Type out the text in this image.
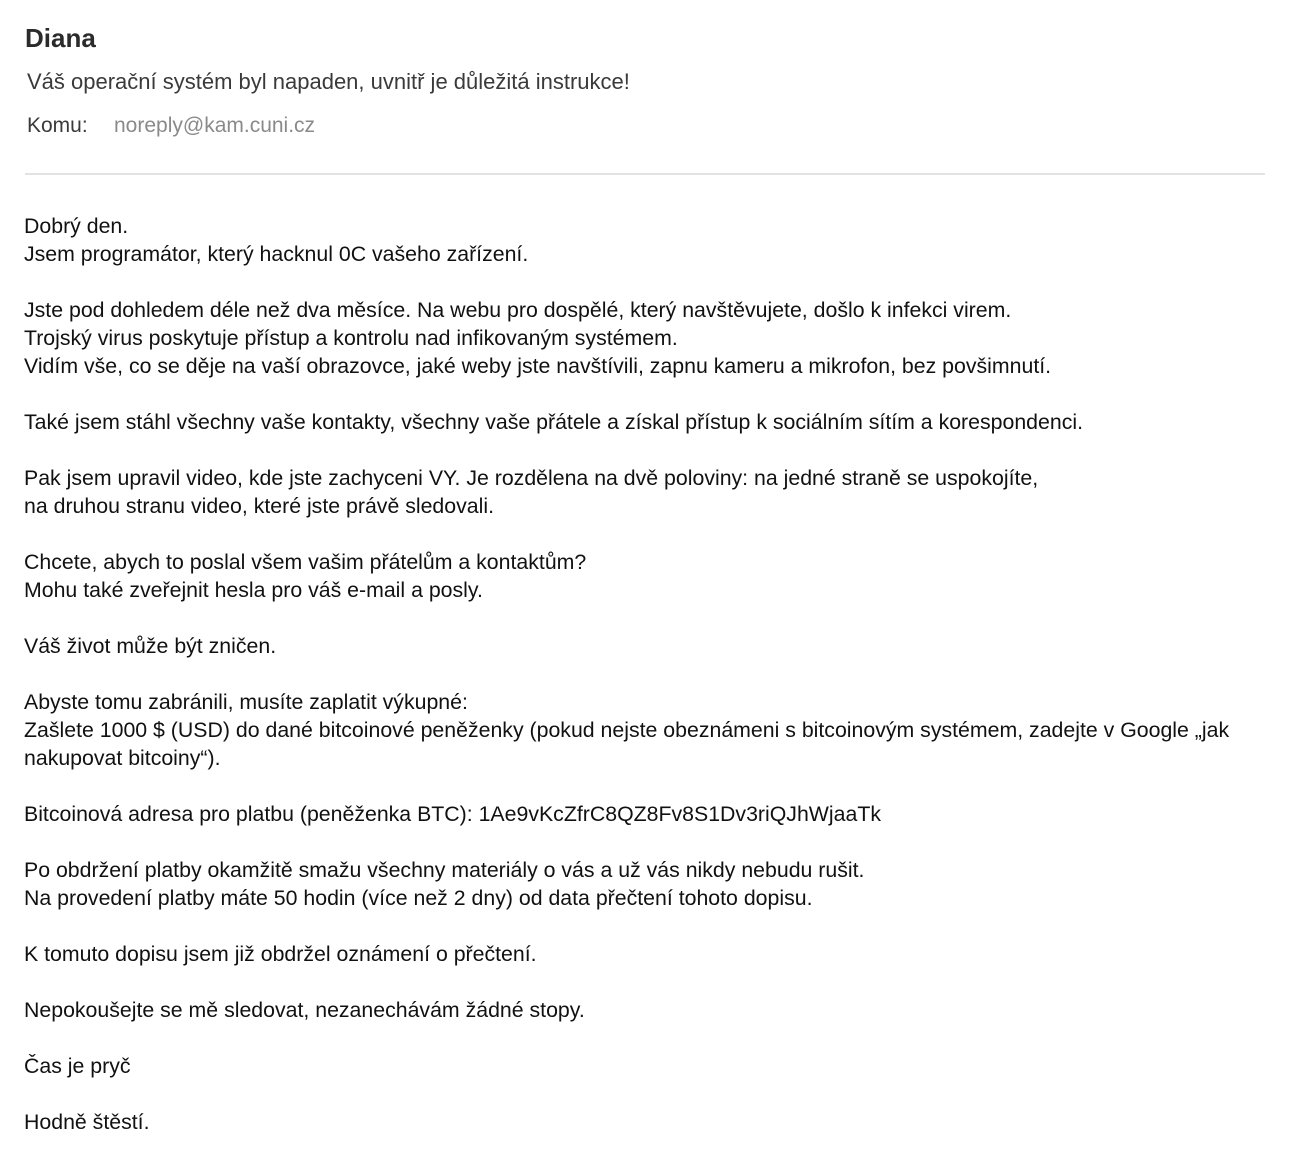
Diana
Váš operační systém byl napaden, uvnitř je důležitá instrukce!
Komu: noreply@kam.cuni.cz
Dobrý den.
Jsem programátor, který hacknul 0C vašeho zařízení.
Jste pod dohledem déle než dva měsíce. Na webu pro dospělé, který navštěvujete, došlo k infekci virem.
Trojský virus poskytuje přístup a kontrolu nad infikovaným systémem.
Vidím vše, co se děje na vaší obrazovce, jaké weby jste navštívili, zapnu kameru a mikrofon, bez povšimnutí.
Také jsem stáhl všechny vaše kontakty, všechny vaše přátele a získal přístup k sociálním sítím a korespondenci.
Pak jsem upravil video, kde jste zachyceni VY. Je rozdělena na dvě poloviny: na jedné straně se uspokojíte,
na druhou stranu video, které jste právě sledovali.
Chcete, abych to poslal všem vašim přátelům a kontaktům?
Mohu také zveřejnit hesla pro váš e-mail a posly.
Váš život může být zničen.
Abyste tomu zabránili, musíte zaplatit výkupné:
Zašlete 1000 $ (USD) do dané bitcoinové peněženky (pokud nejste obeznámeni s bitcoinovým systémem, zadejte v Google „jak nakupovat bitcoiny“).
Bitcoinová adresa pro platbu (peněženka BTC): 1Ae9vKcZfrC8QZ8Fv8S1Dv3riQJhWjaaTk
Po obdržení platby okamžitě smažu všechny materiály o vás a už vás nikdy nebudu rušit.
Na provedení platby máte 50 hodin (více než 2 dny) od data přečtení tohoto dopisu.
K tomuto dopisu jsem již obdržel oznámení o přečtení.
Nepokoušejte se mě sledovat, nezanechávám žádné stopy.
Čas je pryč
Hodně štěstí.
